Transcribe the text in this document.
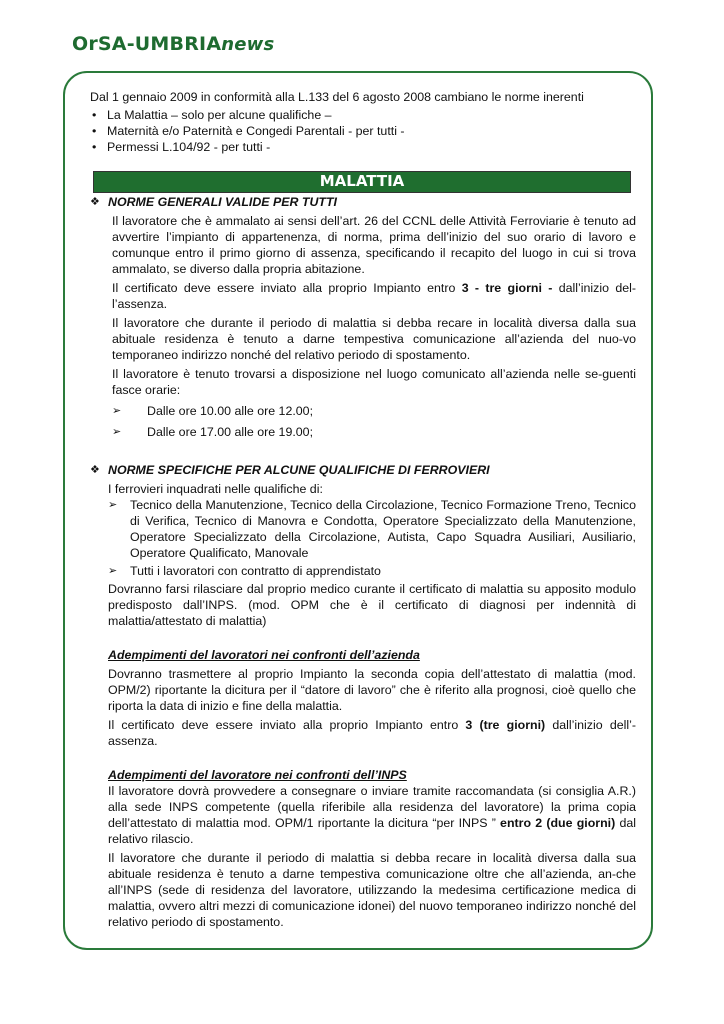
OrSA-UMBRIAnews

Dal 1 gennaio 2009 in conformità alla L.133 del 6 agosto 2008 cambiano le norme inerenti

• La Malattia – solo per alcune qualifiche –
• Maternità e/o Paternità e Congedi Parentali - per tutti -
• Permessi L.104/92 - per tutti -
MALATTIA
❖ NORME GENERALI VALIDE PER TUTTI

Il lavoratore che è ammalato ai sensi dell’art. 26 del CCNL delle Attività Ferroviarie è tenuto ad avvertire l’impianto di appartenenza, di norma, prima dell’inizio del suo orario di lavoro e comunque entro il primo giorno di assenza, specificando il recapito del luogo in cui si trova ammalato, se diverso dalla propria abitazione.

Il certificato deve essere inviato alla proprio Impianto entro 3 - tre giorni - dall’inizio del-l’assenza.

Il lavoratore che durante il periodo di malattia si debba recare in località diversa dalla sua abituale residenza è tenuto a darne tempestiva comunicazione all’azienda del nuo-vo temporaneo indirizzo nonché del relativo periodo di spostamento.

Il lavoratore è tenuto trovarsi a disposizione nel luogo comunicato all’azienda nelle se-guenti fasce orarie:

➢ Dalle ore 10.00 alle ore 12.00;
➢ Dalle ore 17.00 alle ore 19.00;
❖ NORME SPECIFICHE PER ALCUNE QUALIFICHE DI FERROVIERI

I ferrovieri inquadrati nelle qualifiche di:

➢ Tecnico della Manutenzione, Tecnico della Circolazione, Tecnico Formazione Treno, Tecnico di Verifica, Tecnico di Manovra e Condotta, Operatore Specializzato della Manutenzione, Operatore Specializzato della Circolazione, Autista, Capo Squadra Ausiliari, Ausiliario, Operatore Qualificato, Manovale
➢ Tutti i lavoratori con contratto di apprendistato

Dovranno farsi rilasciare dal proprio medico curante il certificato di malattia su apposito modulo predisposto dall’INPS. (mod. OPM che è il certificato di diagnosi per indennità di malattia/attestato di malattia)

Adempimenti del lavoratori nei confronti dell’azienda

Dovranno trasmettere al proprio Impianto la seconda copia dell’attestato di malattia (mod. OPM/2) riportante la dicitura per il “datore di lavoro” che è riferito alla prognosi, cioè quello che riporta la data di inizio e fine della malattia.

Il certificato deve essere inviato alla proprio Impianto entro 3 (tre giorni) dall’inizio dell’-assenza.

Adempimenti del lavoratore nei confronti dell’INPS

Il lavoratore dovrà provvedere a consegnare o inviare tramite raccomandata (si consiglia A.R.) alla sede INPS competente (quella riferibile alla residenza del lavoratore) la prima copia dell’attestato di malattia mod. OPM/1 riportante la dicitura “per INPS ” entro 2 (due giorni) dal relativo rilascio.

Il lavoratore che durante il periodo di malattia si debba recare in località diversa dalla sua abituale residenza è tenuto a darne tempestiva comunicazione oltre che all’azienda, an-che all’INPS (sede di residenza del lavoratore, utilizzando la medesima certificazione medica di malattia, ovvero altri mezzi di comunicazione idonei) del nuovo temporaneo indirizzo nonché del relativo periodo di spostamento.
